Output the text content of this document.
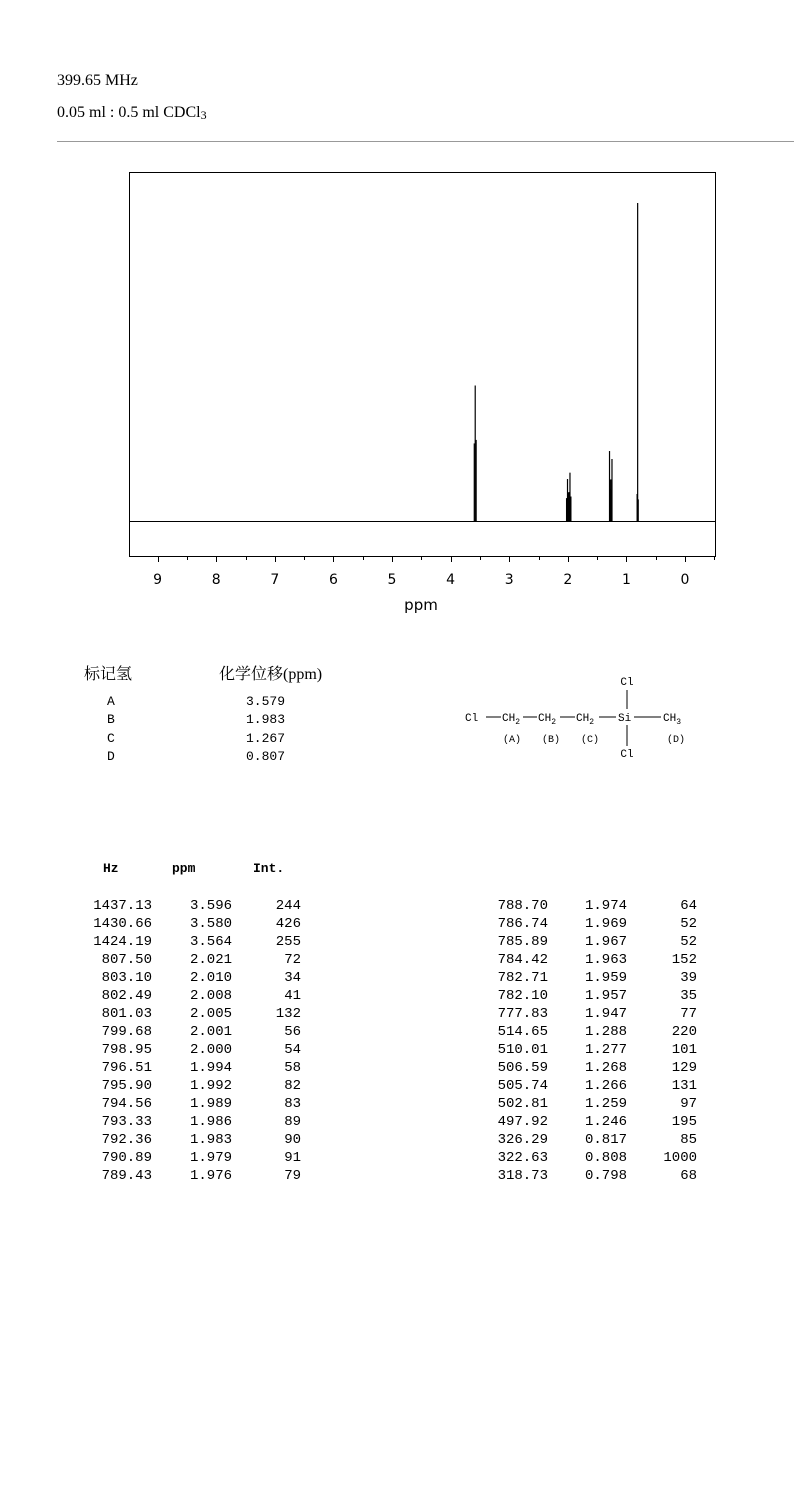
399.65 MHz
0.05 ml : 0.5 ml CDCl$_3$
9	8	7	6	5	4	3	2	1	0
ppm
标记氢	化学位移(ppm)
A	3.579
B	1.983
C	1.267
D	0.807
Cl $CH_2$ $CH_2$ $CH_2$ Si	$CH_3$
Cl
Cl
(A) (B) (C)	(D)
Hz	ppm	Int.
1437.13	3.596	244
1430.66	3.580	426
1424.19	3.564	255
807.50	2.021	72
803.10	2.010	34
802.49	2.008	41
801.03	2.005	132
799.68	2.001	56
798.95	2.000	54
796.51	1.994	58
795.90	1.992	82
794.56	1.989	83
793.33	1.986	89
792.36	1.983	90
790.89	1.979	91
789.43	1.976	79
788.70	1.974	64
786.74	1.969	52
785.89	1.967	52
784.42	1.963	152
782.71	1.959	39
782.10	1.957	35
777.83	1.947	77
514.65	1.288	220
510.01	1.277	101
506.59	1.268	129
505.74	1.266	131
502.81	1.259	97
497.92	1.246	195
326.29	0.817	85
322.63	0.808	1000
318.73	0.798	68
